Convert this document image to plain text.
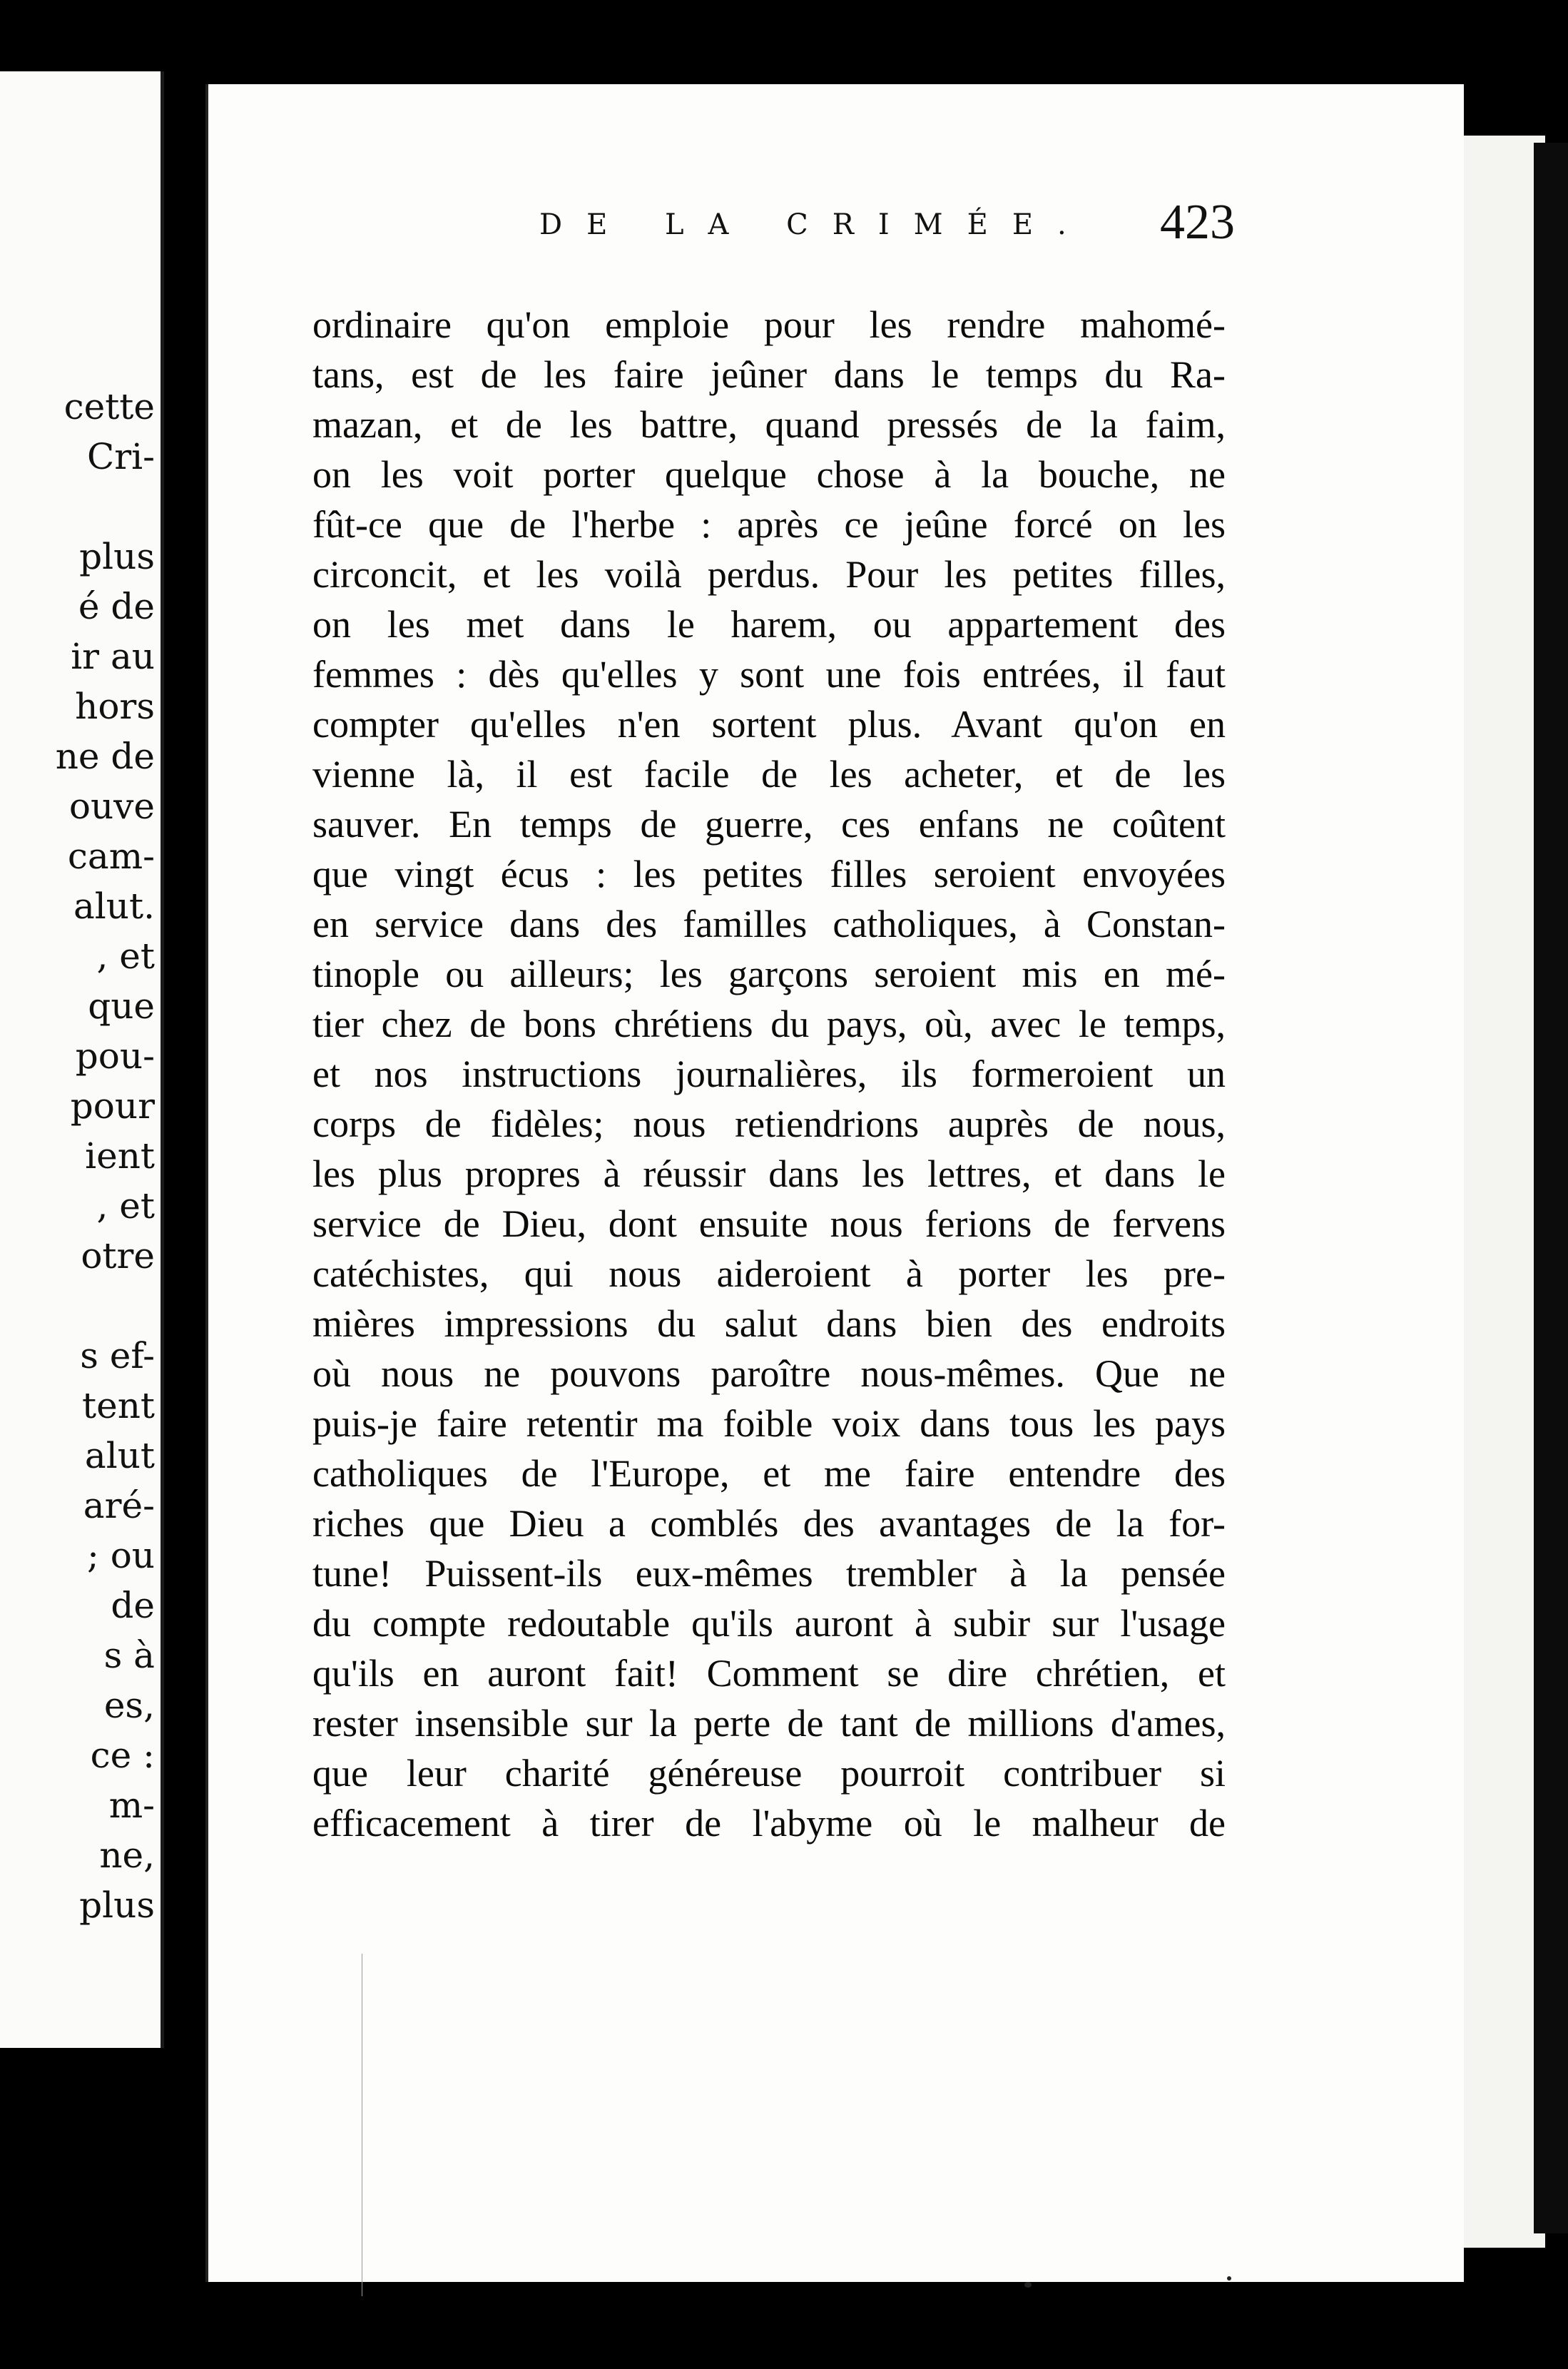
cette
Cri-
plus
é de
ir au
hors
ne de
ouve
cam-
alut.
, et
que
pou-
pour
ient
, et
otre
s ef-
tent
alut
aré-
; ou
de
s à
es,
ce :
m-
ne,
plus
DE LA CRIMÉE. 423
ordinaire qu'on emploie pour les rendre mahomé-
tans, est de les faire jeûner dans le temps du Ra-
mazan, et de les battre, quand pressés de la faim,
on les voit porter quelque chose à la bouche, ne
fût-ce que de l'herbe : après ce jeûne forcé on les
circoncit, et les voilà perdus. Pour les petites filles,
on les met dans le harem, ou appartement des
femmes : dès qu'elles y sont une fois entrées, il faut
compter qu'elles n'en sortent plus. Avant qu'on en
vienne là, il est facile de les acheter, et de les
sauver. En temps de guerre, ces enfans ne coûtent
que vingt écus : les petites filles seroient envoyées
en service dans des familles catholiques, à Constan-
tinople ou ailleurs; les garçons seroient mis en mé-
tier chez de bons chrétiens du pays, où, avec le temps,
et nos instructions journalières, ils formeroient un
corps de fidèles; nous retiendrions auprès de nous,
les plus propres à réussir dans les lettres, et dans le
service de Dieu, dont ensuite nous ferions de fervens
catéchistes, qui nous aideroient à porter les pre-
mières impressions du salut dans bien des endroits
où nous ne pouvons paroître nous-mêmes. Que ne
puis-je faire retentir ma foible voix dans tous les pays
catholiques de l'Europe, et me faire entendre des
riches que Dieu a comblés des avantages de la for-
tune! Puissent-ils eux-mêmes trembler à la pensée
du compte redoutable qu'ils auront à subir sur l'usage
qu'ils en auront fait! Comment se dire chrétien, et
rester insensible sur la perte de tant de millions d'ames,
que leur charité généreuse pourroit contribuer si
efficacement à tirer de l'abyme où le malheur de
